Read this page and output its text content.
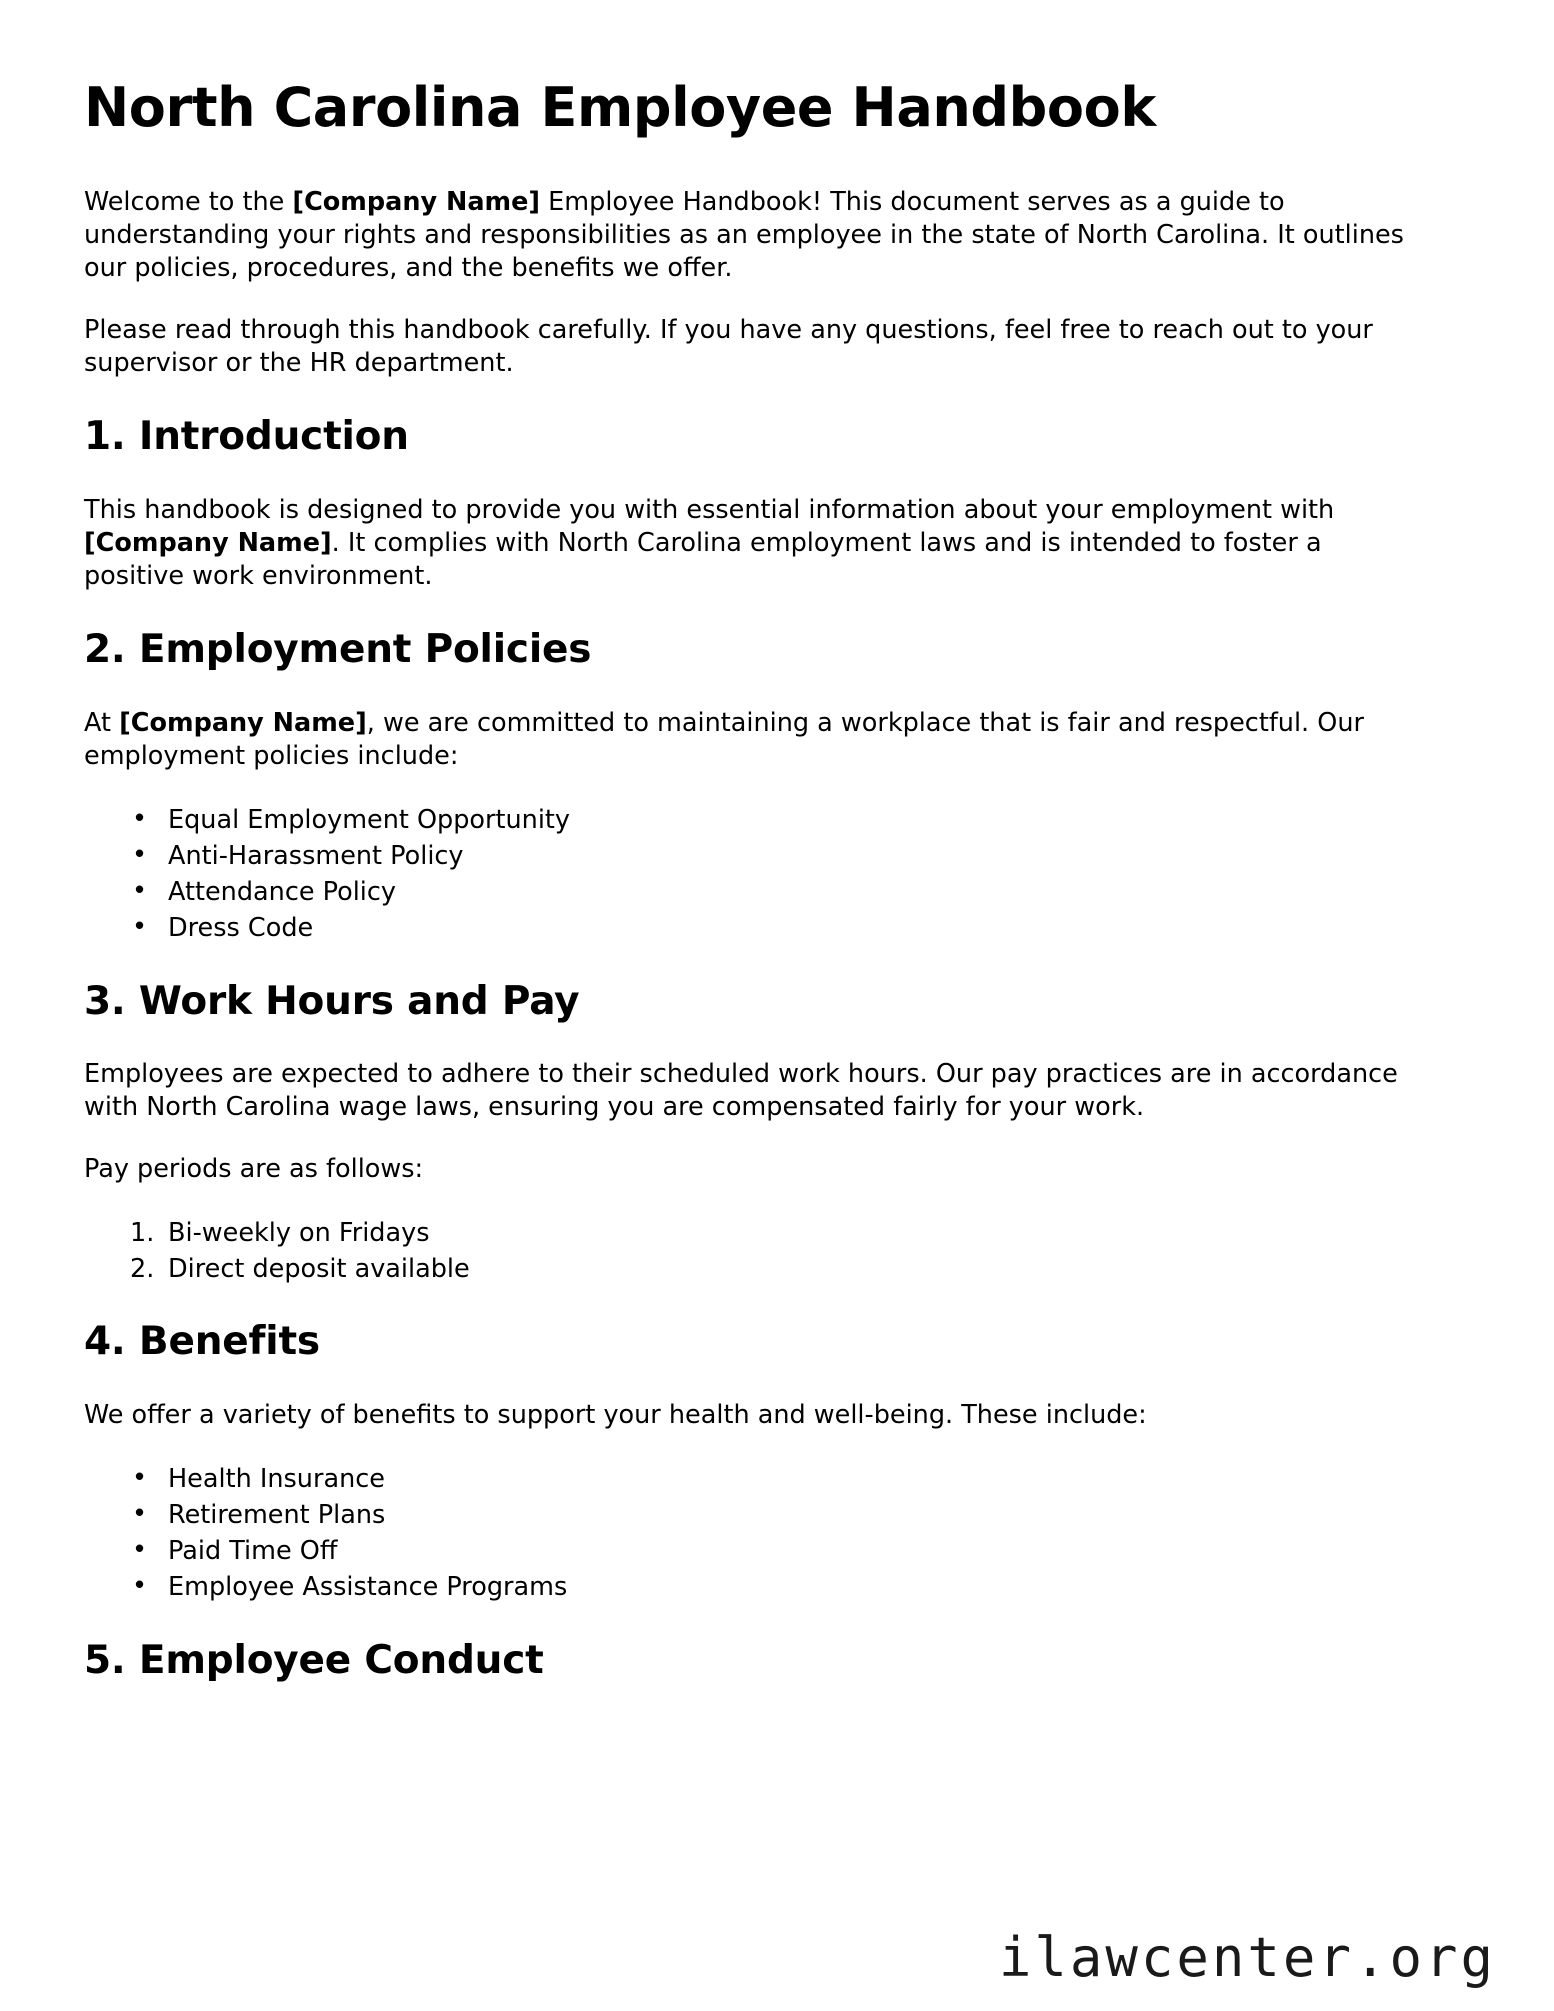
North Carolina Employee Handbook

Welcome to the [Company Name] Employee Handbook! This document serves as a guide to understanding your rights and responsibilities as an employee in the state of North Carolina. It outlines our policies, procedures, and the benefits we offer.

Please read through this handbook carefully. If you have any questions, feel free to reach out to your supervisor or the HR department.

1. Introduction

This handbook is designed to provide you with essential information about your employment with [Company Name]. It complies with North Carolina employment laws and is intended to foster a positive work environment.

2. Employment Policies

At [Company Name], we are committed to maintaining a workplace that is fair and respectful. Our employment policies include:

• Equal Employment Opportunity
• Anti-Harassment Policy
• Attendance Policy
• Dress Code
3. Work Hours and Pay

Employees are expected to adhere to their scheduled work hours. Our pay practices are in accordance with North Carolina wage laws, ensuring you are compensated fairly for your work.

Pay periods are as follows:

Bi-weekly on Fridays
Direct deposit available
4. Benefits

We offer a variety of benefits to support your health and well-being. These include:

• Health Insurance
• Retirement Plans
• Paid Time Off
• Employee Assistance Programs
5. Employee Conduct
ilawcenter.org
